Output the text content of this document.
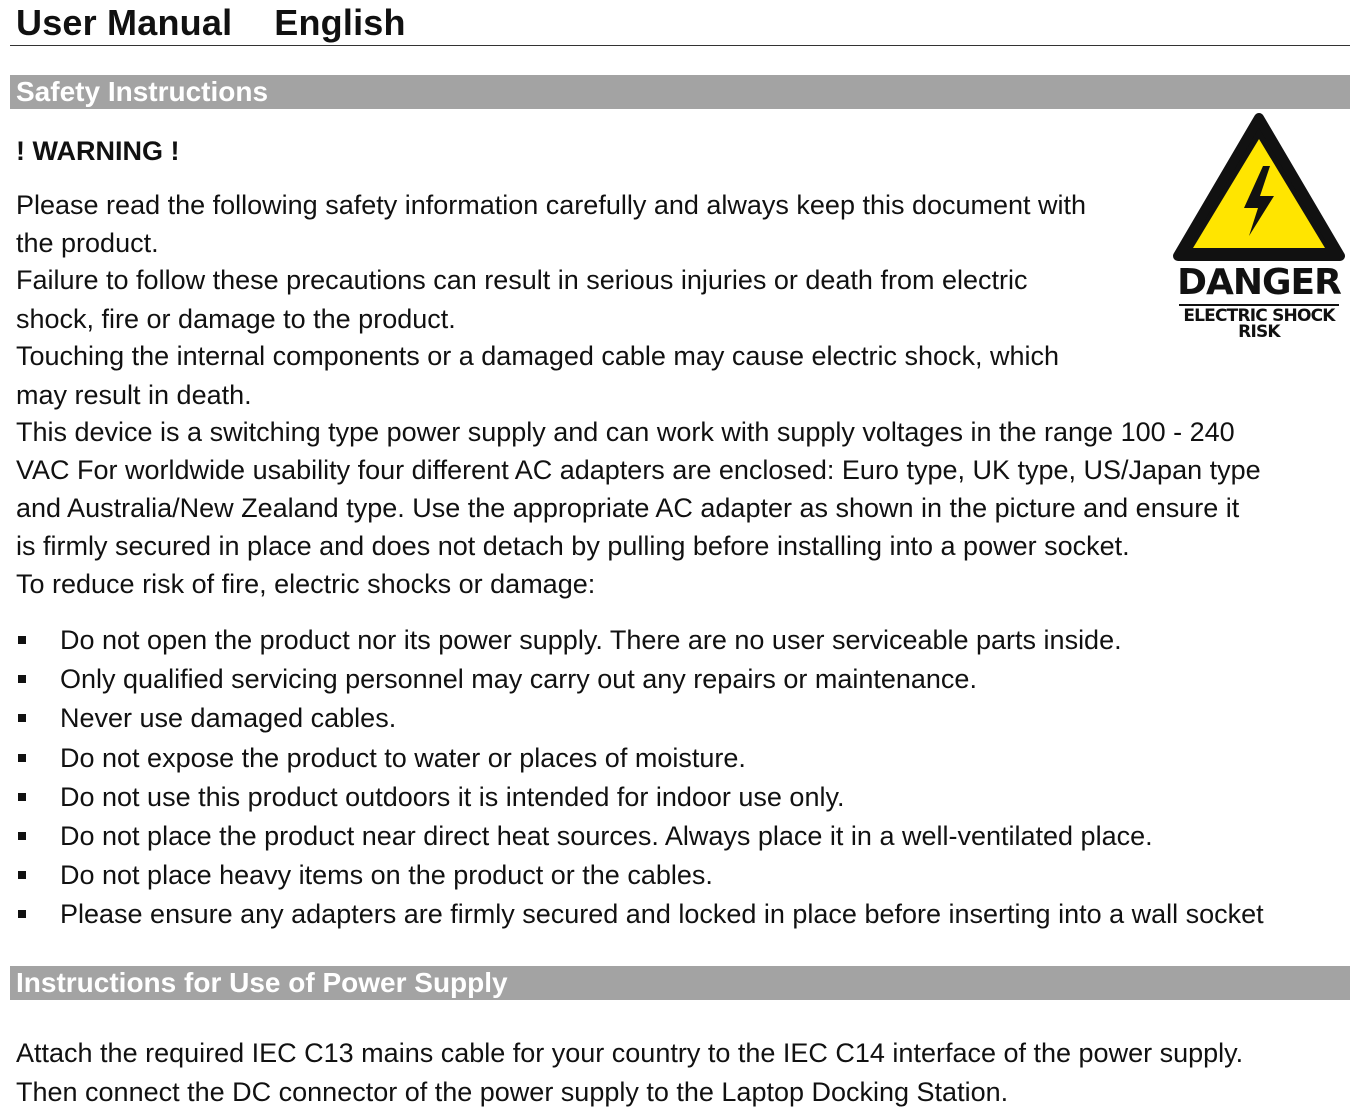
User Manual English
Safety Instructions
! WARNING !
DANGER
ELECTRIC SHOCK
RISK
Please read the following safety information carefully and always keep this document with
the product.
Failure to follow these precautions can result in serious injuries or death from electric
shock, fire or damage to the product.
Touching the internal components or a damaged cable may cause electric shock, which
may result in death.
This device is a switching type power supply and can work with supply voltages in the range 100 - 240
VAC For worldwide usability four different AC adapters are enclosed: Euro type, UK type, US/Japan type
and Australia/New Zealand type. Use the appropriate AC adapter as shown in the picture and ensure it
is firmly secured in place and does not detach by pulling before installing into a power socket.
To reduce risk of fire, electric shocks or damage:
Do not open the product nor its power supply. There are no user serviceable parts inside.
Only qualified servicing personnel may carry out any repairs or maintenance.
Never use damaged cables.
Do not expose the product to water or places of moisture.
Do not use this product outdoors it is intended for indoor use only.
Do not place the product near direct heat sources. Always place it in a well-ventilated place.
Do not place heavy items on the product or the cables.
Please ensure any adapters are firmly secured and locked in place before inserting into a wall socket
Instructions for Use of Power Supply
Attach the required IEC C13 mains cable for your country to the IEC C14 interface of the power supply.
Then connect the DC connector of the power supply to the Laptop Docking Station.
